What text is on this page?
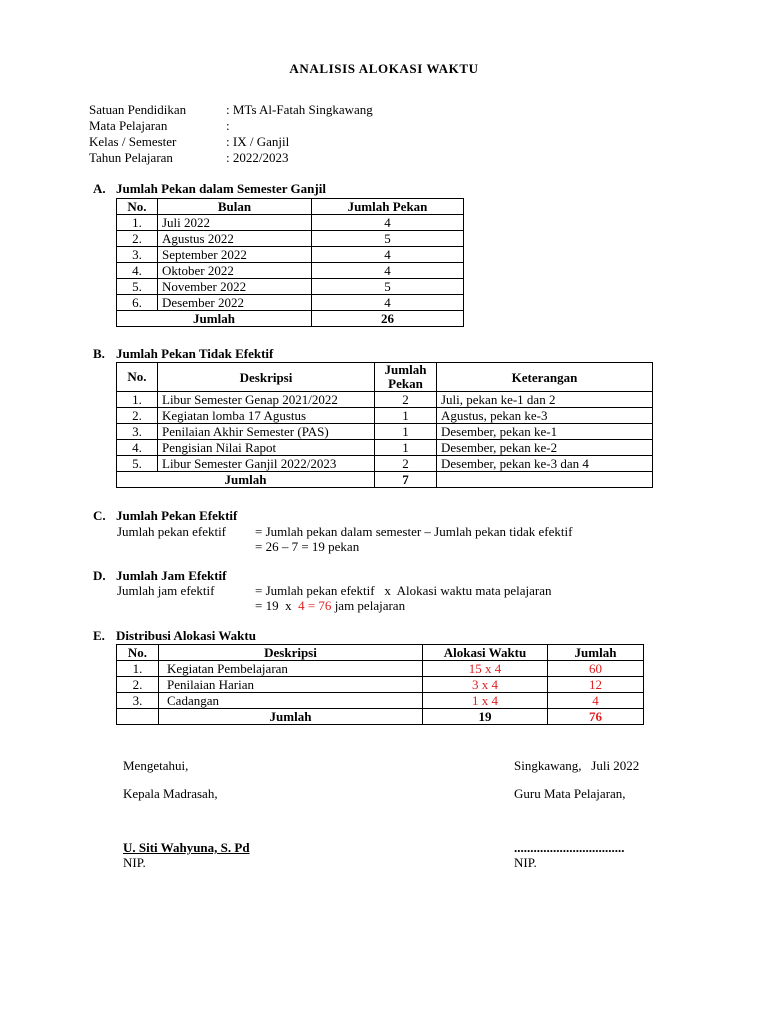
ANALISIS ALOKASI WAKTU
Satuan Pendidikan	: MTs Al-Fatah Singkawang
Mata Pelajaran	:
Kelas / Semester	: IX / Ganjil
Tahun Pelajaran	: 2022/2023
A. Jumlah Pekan dalam Semester Ganjil
No.	Bulan	Jumlah Pekan
1.	Juli 2022	4
2.	Agustus 2022	5
3.	September 2022	4
4.	Oktober 2022	4
5.	November 2022	5
6.	Desember 2022	4
Jumlah		26
B. Jumlah Pekan Tidak Efektif
No.	Deskripsi	Jumlah Pekan	Keterangan
1.	Libur Semester Genap 2021/2022	2	Juli, pekan ke-1 dan 2
2.	Kegiatan lomba 17 Agustus	1	Agustus, pekan ke-3
3.	Penilaian Akhir Semester (PAS)	1	Desember, pekan ke-1
4.	Pengisian Nilai Rapot	1	Desember, pekan ke-2
5.	Libur Semester Ganjil 2022/2023	2	Desember, pekan ke-3 dan 4
Jumlah		7	
C. Jumlah Pekan Efektif
Jumlah pekan efektif = Jumlah pekan dalam semester – Jumlah pekan tidak efektif
= 26 – 7 = 19 pekan
D. Jumlah Jam Efektif
Jumlah jam efektif	= Jumlah pekan efektif   x  Alokasi waktu mata pelajaran
= 19  x  4 = 76 jam pelajaran
E. Distribusi Alokasi Waktu
No.	Deskripsi	Alokasi Waktu	Jumlah
1.	Kegiatan Pembelajaran	15 x 4	60
2.	Penilaian Harian	3 x 4	12
3.	Cadangan	1 x 4	4
	Jumlah	19	76
Mengetahui,
Kepala Madrasah,
U. Siti Wahyuna, S. Pd
NIP.
Singkawang,   Juli 2022
Guru Mata Pelajaran,
..................................
NIP.
